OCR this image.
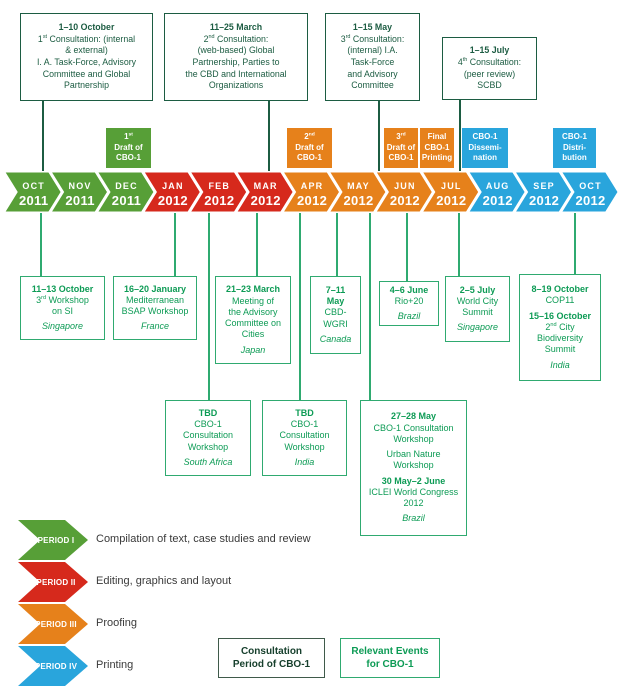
1–10 October
1st Consultation: (internal
& external)
I. A. Task-Force, Advisory
Committee and Global
Partnership
11–25 March
2nd Consultation:
(web-based) Global
Partnership, Parties to
the CBD and International
Organizations
1–15 May
3rd Consultation:
(internal) I.A.
Task-Force
and Advisory
Committee
1–15 July
4th Consultation:
(peer review)
SCBD
1st
Draft of
CBO-1
2nd
Draft of
CBO-1
3rd
Draft of
CBO-1
Final
CBO-1
Printing
CBO-1
Dissemi-
nation
CBO-1
Distri-
bution
OCT
2011
NOV
2011
DEC
2011
JAN
2012
FEB
2012
MAR
2012
APR
2012
MAY
2012
JUN
2012
JUL
2012
AUG
2012
SEP
2012
OCT
2012
11–13 October
3rd Workshop
on SI
Singapore
16–20 January
Mediterranean
BSAP Workshop
France
21–23 March
Meeting of
the Advisory
Committee on
Cities
Japan
7–11
May
CBD-
WGRI
Canada
4–6 June
Rio+20
Brazil
2–5 July
World City
Summit
Singapore
8–19 October
COP11
15–16 October
2nd City
Biodiversity
Summit
India
TBD
CBO-1
Consultation
Workshop
South Africa
TBD
CBO-1
Consultation
Workshop
India
27–28 May
CBO-1 Consultation
Workshop
Urban Nature
Workshop
30 May–2 June
ICLEI World Congress
2012
Brazil
PERIOD I Compilation of text, case studies and review
PERIOD II Editing, graphics and layout
PERIOD III Proofing
PERIOD IV Printing
Consultation
Period of CBO-1
Relevant Events
for CBO-1
